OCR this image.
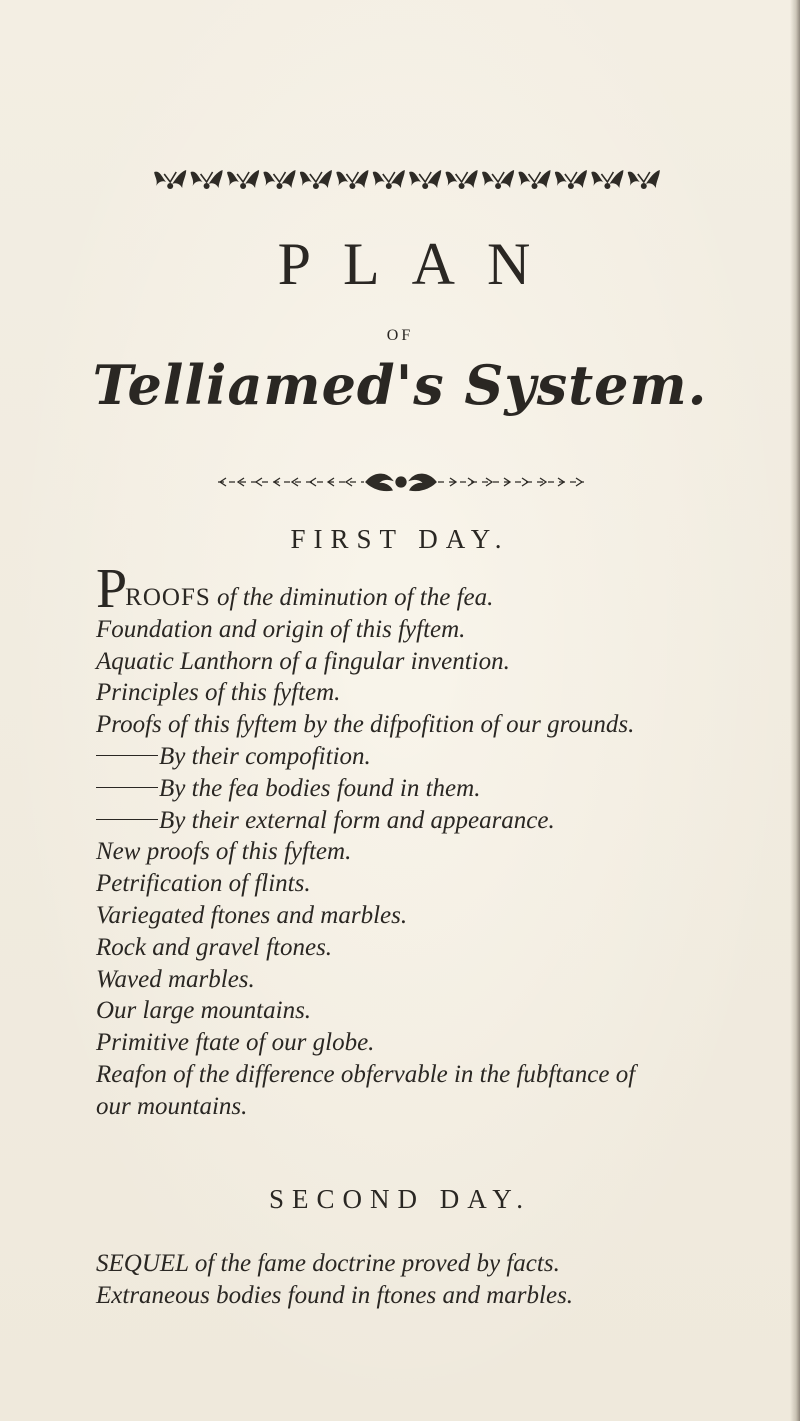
PLAN
OF
Telliamed's System.
FIRST DAY.
PROOFS of the diminution of the fea.
Foundation and origin of this fyftem.
Aquatic Lanthorn of a fingular invention.
Principles of this fyftem.
Proofs of this fyftem by the difpofition of our grounds.
By their compofition.
By the fea bodies found in them.
By their external form and appearance.
New proofs of this fyftem.
Petrification of flints.
Variegated ftones and marbles.
Rock and gravel ftones.
Waved marbles.
Our large mountains.
Primitive ftate of our globe.
Reafon of the difference obfervable in the fubftance of
our mountains.
SECOND DAY.
SEQUEL of the fame doctrine proved by facts.
Extraneous bodies found in ftones and marbles.
